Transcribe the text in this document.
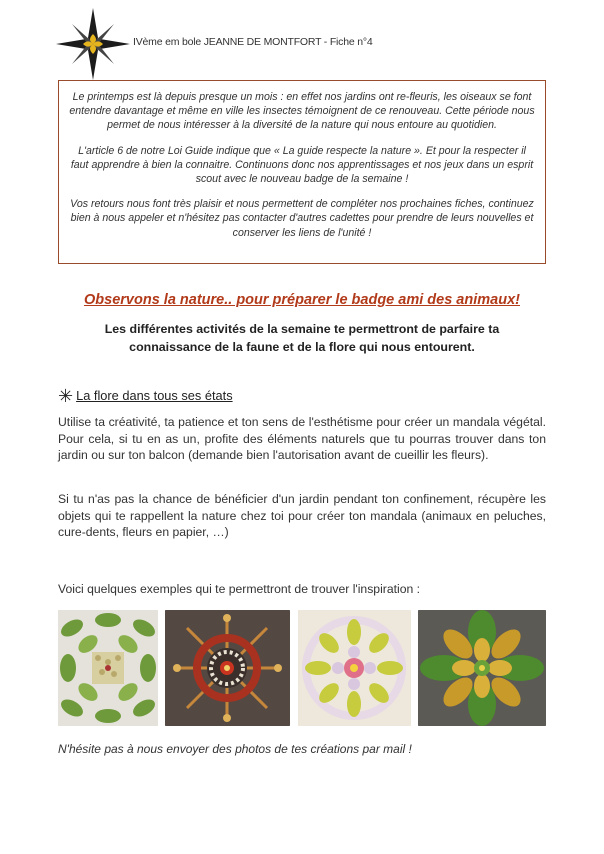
IVème em bole JEANNE DE MONTFORT - Fiche n°4

Le printemps est là depuis presque un mois : en effet nos jardins ont re-fleuris, les oiseaux se font entendre davantage et même en ville les insectes témoignent de ce renouveau. Cette période nous permet de nous intéresser à la diversité de la nature qui nous entoure au quotidien.

L'article 6 de notre Loi Guide indique que « La guide respecte la nature ». Et pour la respecter il faut apprendre à bien la connaitre. Continuons donc nos apprentissages et nos jeux dans un esprit scout avec le nouveau badge de la semaine !

Vos retours nous font très plaisir et nous permettent de compléter nos prochaines fiches, continuez bien à nous appeler et n'hésitez pas contacter d'autres cadettes pour prendre de leurs nouvelles et conserver les liens de l'unité !

Observons la nature.. pour préparer le badge ami des animaux!
Les différentes activités de la semaine te permettront de parfaire ta connaissance de la faune et de la flore qui nous entourent.
✳ La flore dans tous ses états
Utilise ta créativité, ta patience et ton sens de l'esthétisme pour créer un mandala végétal. Pour cela, si tu en as un, profite des éléments naturels que tu pourras trouver dans ton jardin ou sur ton balcon (demande bien l'autorisation avant de cueillir les fleurs).
Si tu n'as pas la chance de bénéficier d'un jardin pendant ton confinement, récupère les objets qui te rappellent la nature chez toi pour créer ton mandala (animaux en peluches, cure-dents, fleurs en papier, …)
Voici quelques exemples qui te permettront de trouver l'inspiration :
N'hésite pas à nous envoyer des photos de tes créations par mail !
